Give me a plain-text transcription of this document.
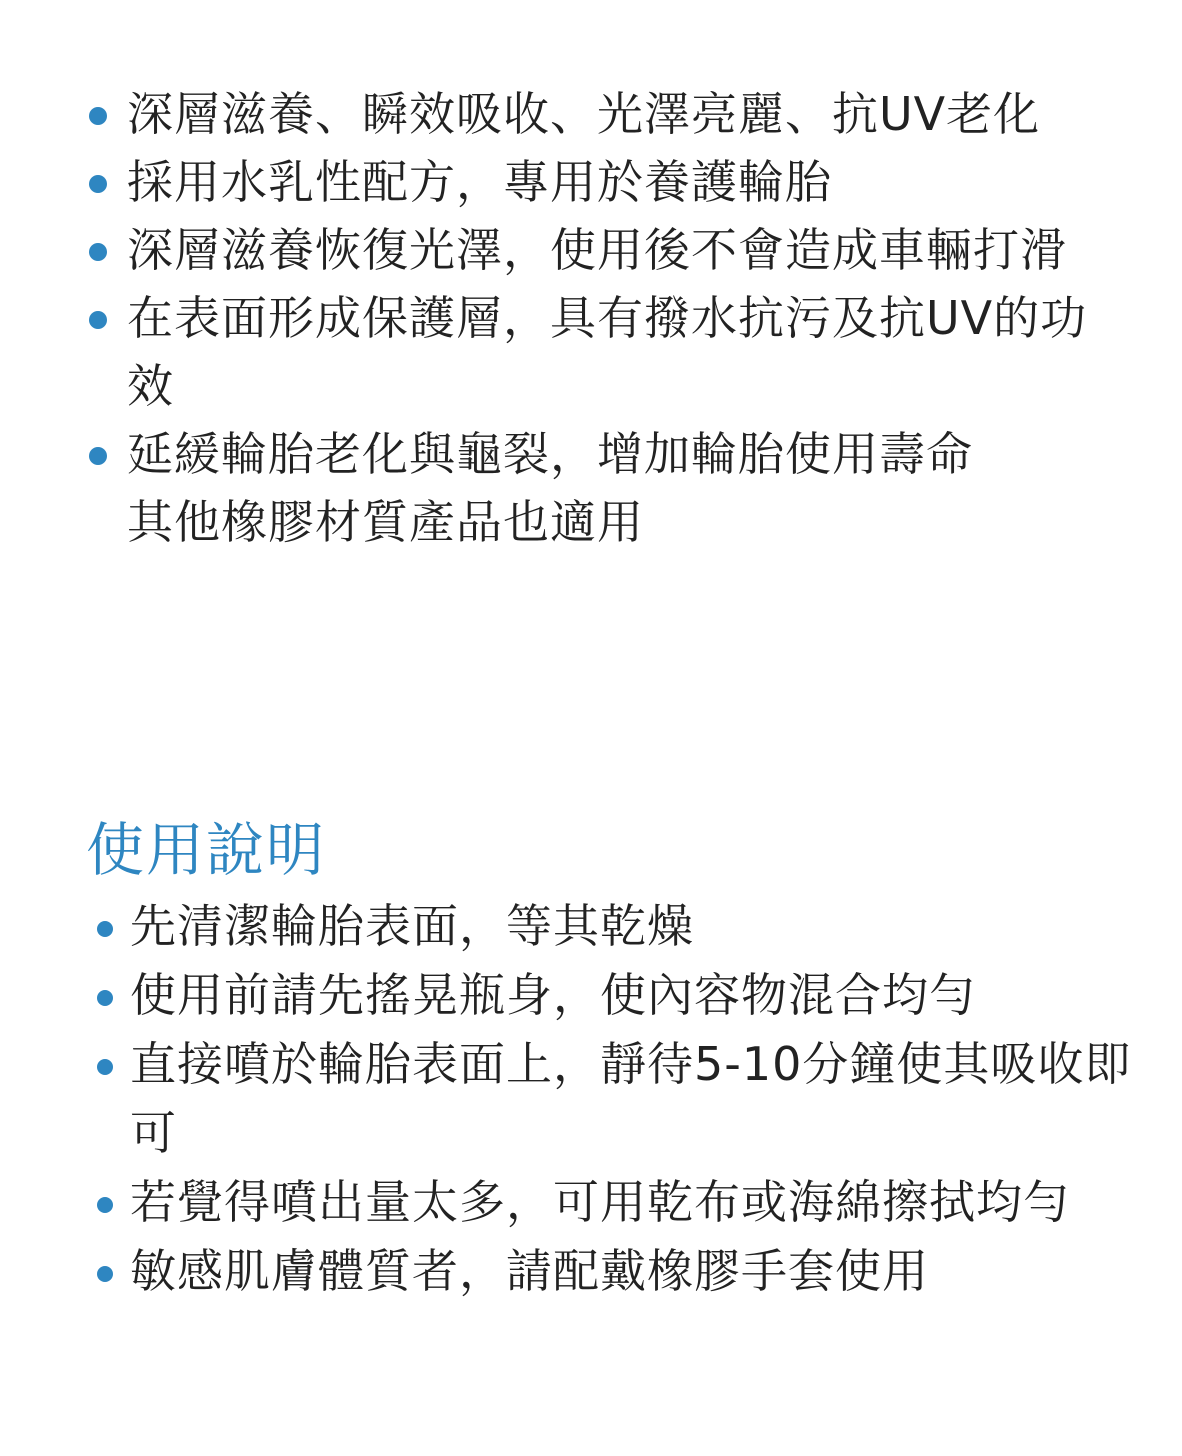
深層滋養、瞬效吸收、光澤亮麗、抗UV老化
採用水乳性配方，專用於養護輪胎
深層滋養恢復光澤，使用後不會造成車輛打滑
在表面形成保護層，具有撥水抗污及抗UV的功效
延緩輪胎老化與龜裂，增加輪胎使用壽命
其他橡膠材質產品也適用
使用說明
先清潔輪胎表面，等其乾燥
使用前請先搖晃瓶身，使內容物混合均勻
直接噴於輪胎表面上，靜待5-10分鐘使其吸收即可
若覺得噴出量太多，可用乾布或海綿擦拭均勻
敏感肌膚體質者，請配戴橡膠手套使用
